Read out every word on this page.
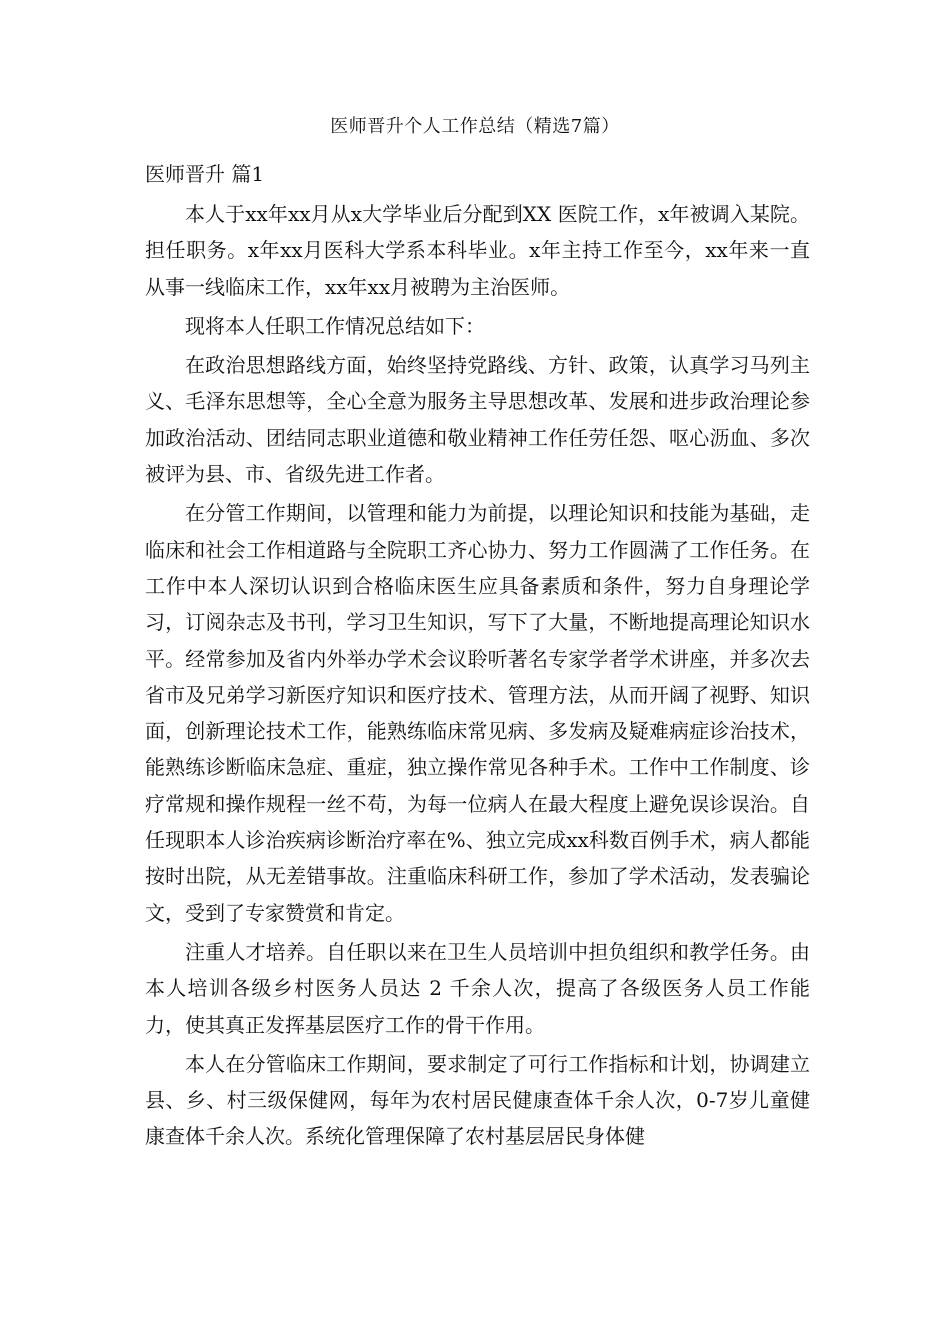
医师晋升个人工作总结（精选7篇）
医师晋升 篇1

本人于xx年xx月从x大学毕业后分配到XX 医院工作，x年被调入某院。担任职务。x年xx月医科大学系本科毕业。x年主持工作至今，xx年来一直从事一线临床工作，xx年xx月被聘为主治医师。

现将本人任职工作情况总结如下：

在政治思想路线方面，始终坚持党路线、方针、政策，认真学习马列主义、毛泽东思想等，全心全意为服务主导思想改革、发展和进步政治理论参加政治活动、团结同志职业道德和敬业精神工作任劳任怨、呕心沥血、多次被评为县、市、省级先进工作者。

在分管工作期间，以管理和能力为前提，以理论知识和技能为基础，走临床和社会工作相道路与全院职工齐心协力、努力工作圆满了工作任务。在工作中本人深切认识到合格临床医生应具备素质和条件，努力自身理论学习，订阅杂志及书刊，学习卫生知识，写下了大量，不断地提高理论知识水平。经常参加及省内外举办学术会议聆听著名专家学者学术讲座，并多次去省市及兄弟学习新医疗知识和医疗技术、管理方法，从而开阔了视野、知识面，创新理论技术工作，能熟练临床常见病、多发病及疑难病症诊治技术，能熟练诊断临床急症、重症，独立操作常见各种手术。工作中工作制度、诊疗常规和操作规程一丝不苟，为每一位病人在最大程度上避免误诊误治。自任现职本人诊治疾病诊断治疗率在%、独立完成xx科数百例手术，病人都能按时出院，从无差错事故。注重临床科研工作，参加了学术活动，发表骗论文，受到了专家赞赏和肯定。

注重人才培养。自任职以来在卫生人员培训中担负组织和教学任务。由本人培训各级乡村医务人员达 2 千余人次，提高了各级医务人员工作能力，使其真正发挥基层医疗工作的骨干作用。

本人在分管临床工作期间，要求制定了可行工作指标和计划，协调建立县、乡、村三级保健网，每年为农村居民健康查体千余人次，0-7岁儿童健康查体千余人次。系统化管理保障了农村基层居民身体健
